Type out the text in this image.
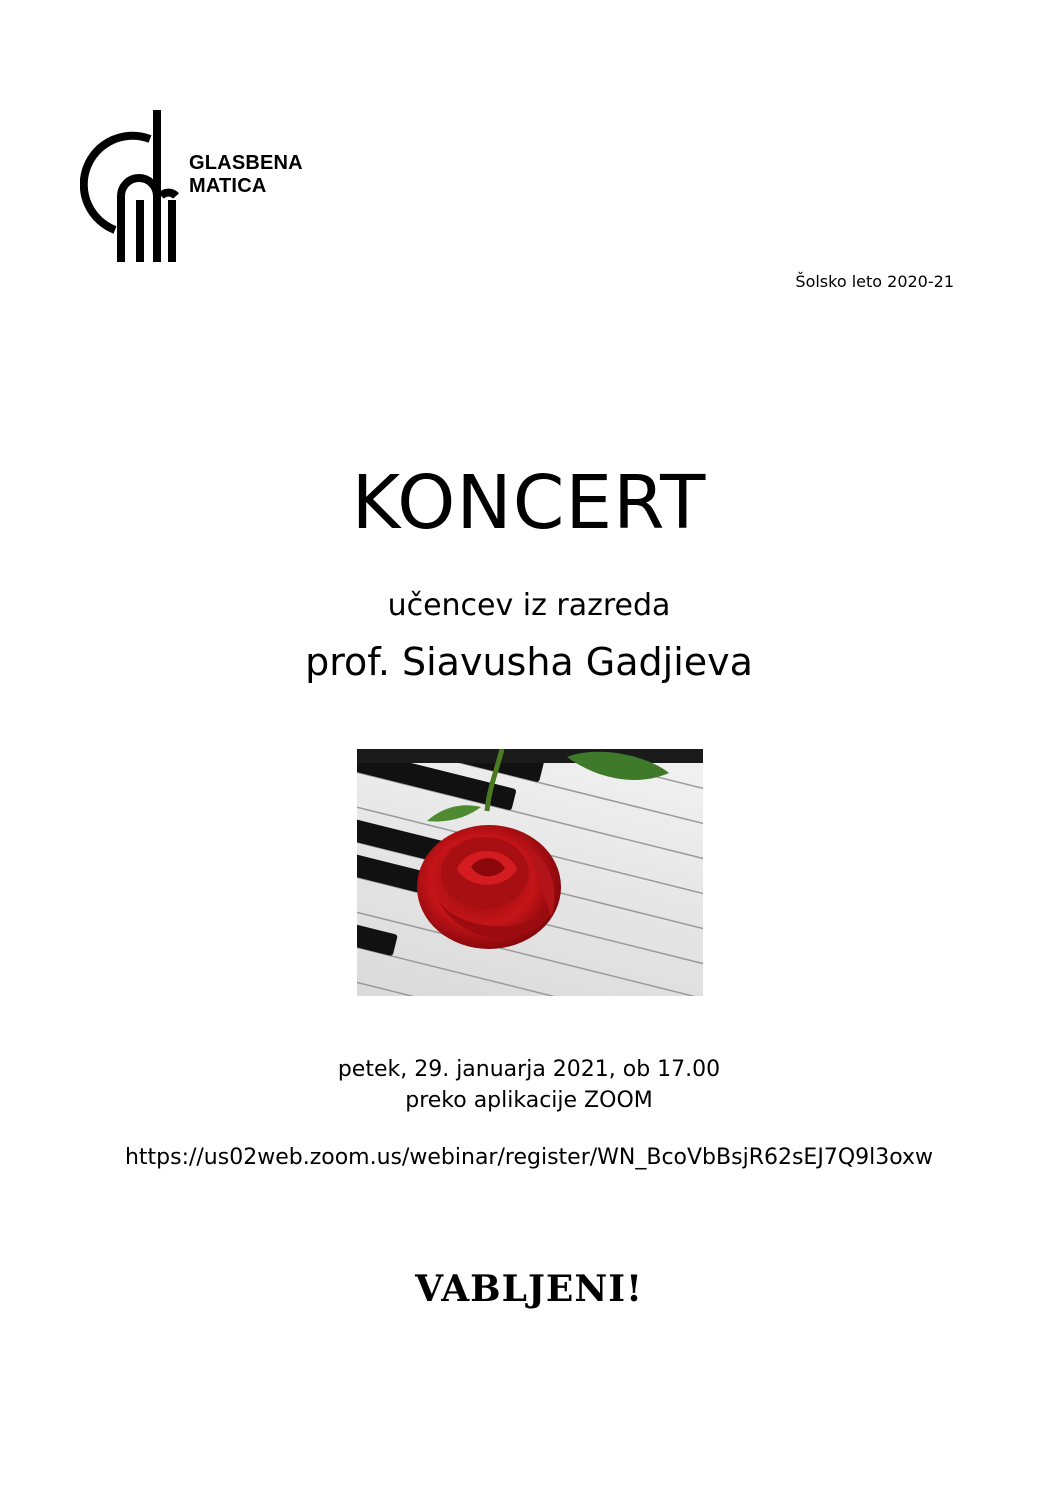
GLASBENA
MATICA
Šolsko leto 2020-21
KONCERT
učencev iz razreda
prof. Siavusha Gadjieva
petek, 29. januarja 2021, ob 17.00
preko aplikacije ZOOM
https://us02web.zoom.us/webinar/register/WN_BcoVbBsjR62sEJ7Q9l3oxw
VABLJENI!
